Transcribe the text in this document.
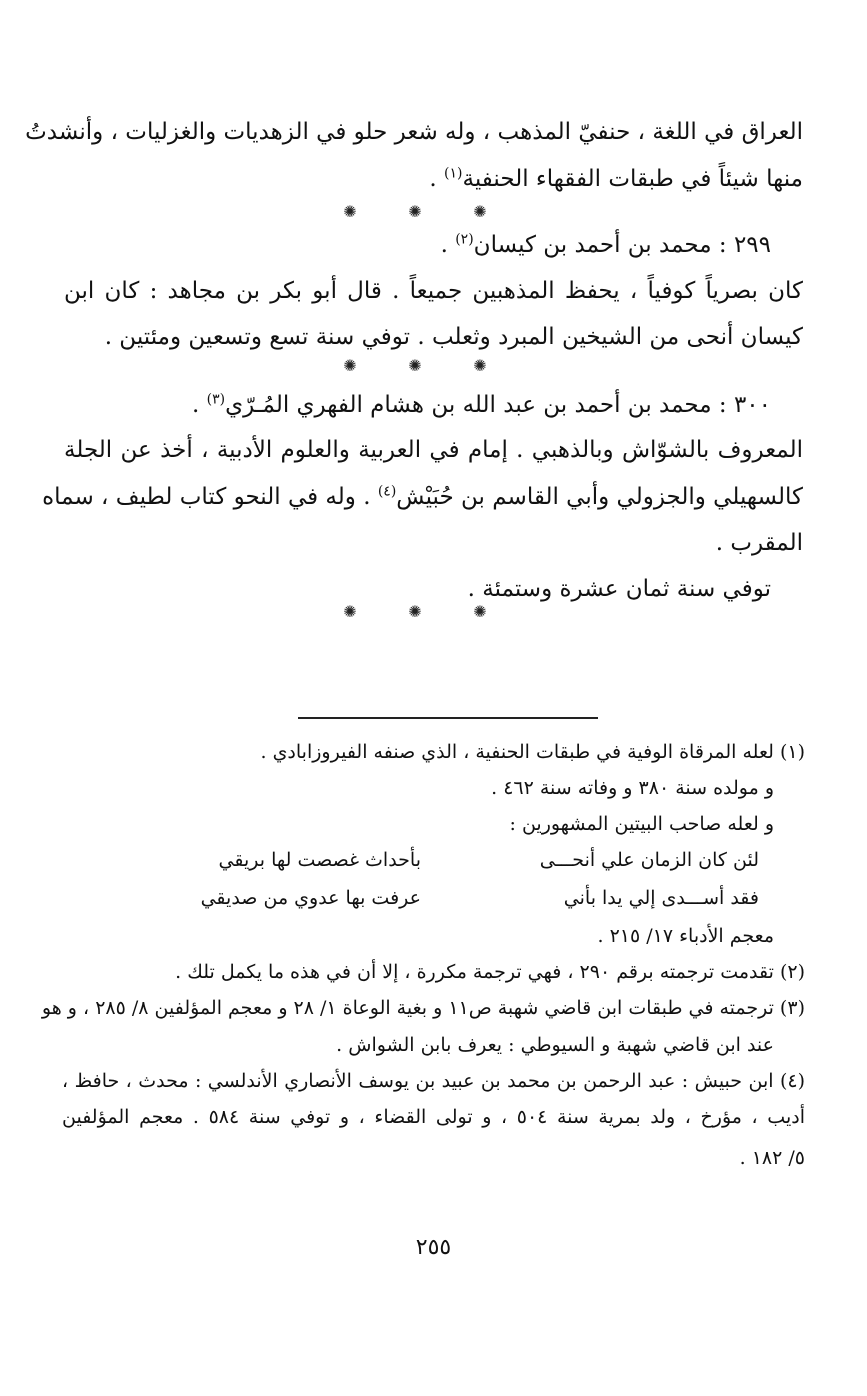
العراق في اللغة ، حنفيّ المذهب ، وله شعر حلو في الزهديات والغزليات ، وأنشدتُ
منها شيئاً في طبقات الفقهاء الحنفية$^{(١)}$ .
✺	✺	✺
٢٩٩ : محمد بن أحمد بن كيسان$^{(٢)}$ .
كان بصرياً كوفياً ، يحفظ المذهبين جميعاً . قال أبو بكر بن مجاهد : كان ابن
كيسان أنحى من الشيخين المبرد وثعلب . توفي سنة تسع وتسعين ومئتين .
✺	✺	✺
٣٠٠ : محمد بن أحمد بن عبد الله بن هشام الفهري المُـرّي$^{(٣)}$ .
المعروف بالشوّاش وبالذهبي . إمام في العربية والعلوم الأدبية ، أخذ عن الجلة
كالسهيلي والجزولي وأبي القاسم بن حُبَيْش$^{(٤)}$ . وله في النحو كتاب لطيف ، سماه
المقرب .
توفي سنة ثمان عشرة وستمئة .
✺	✺	✺
(١) لعله المرقاة الوفية في طبقات الحنفية ، الذي صنفه الفيروزابادي .
و مولده سنة ٣٨٠ و وفاته سنة ٤٦٢ .
و لعله صاحب البيتين المشهورين :
لئن كان الزمان علي أنحـــى
بأحداث غصصت لها بريقي
فقد أســـدى إلي يدا بأني
عرفت بها عدوي من صديقي
معجم الأدباء ١٧/ ٢١٥ .
(٢) تقدمت ترجمته برقم ٢٩٠ ، فهي ترجمة مكررة ، إلا أن في هذه ما يكمل تلك .
(٣) ترجمته في طبقات ابن قاضي شهبة ص١١ و بغية الوعاة ١/ ٢٨ و معجم المؤلفين ٨/ ٢٨٥ ، و هو
عند ابن قاضي شهبة و السيوطي : يعرف بابن الشواش .
(٤) ابن حبيش : عبد الرحمن بن محمد بن عبيد بن يوسف الأنصاري الأندلسي : محدث ، حافظ ،
أديب ، مؤرخ ، ولد بمرية سنة ٥٠٤ ، و تولى القضاء ، و توفي سنة ٥٨٤ . معجم المؤلفين
٥/ ١٨٢ .
٢٥٥
